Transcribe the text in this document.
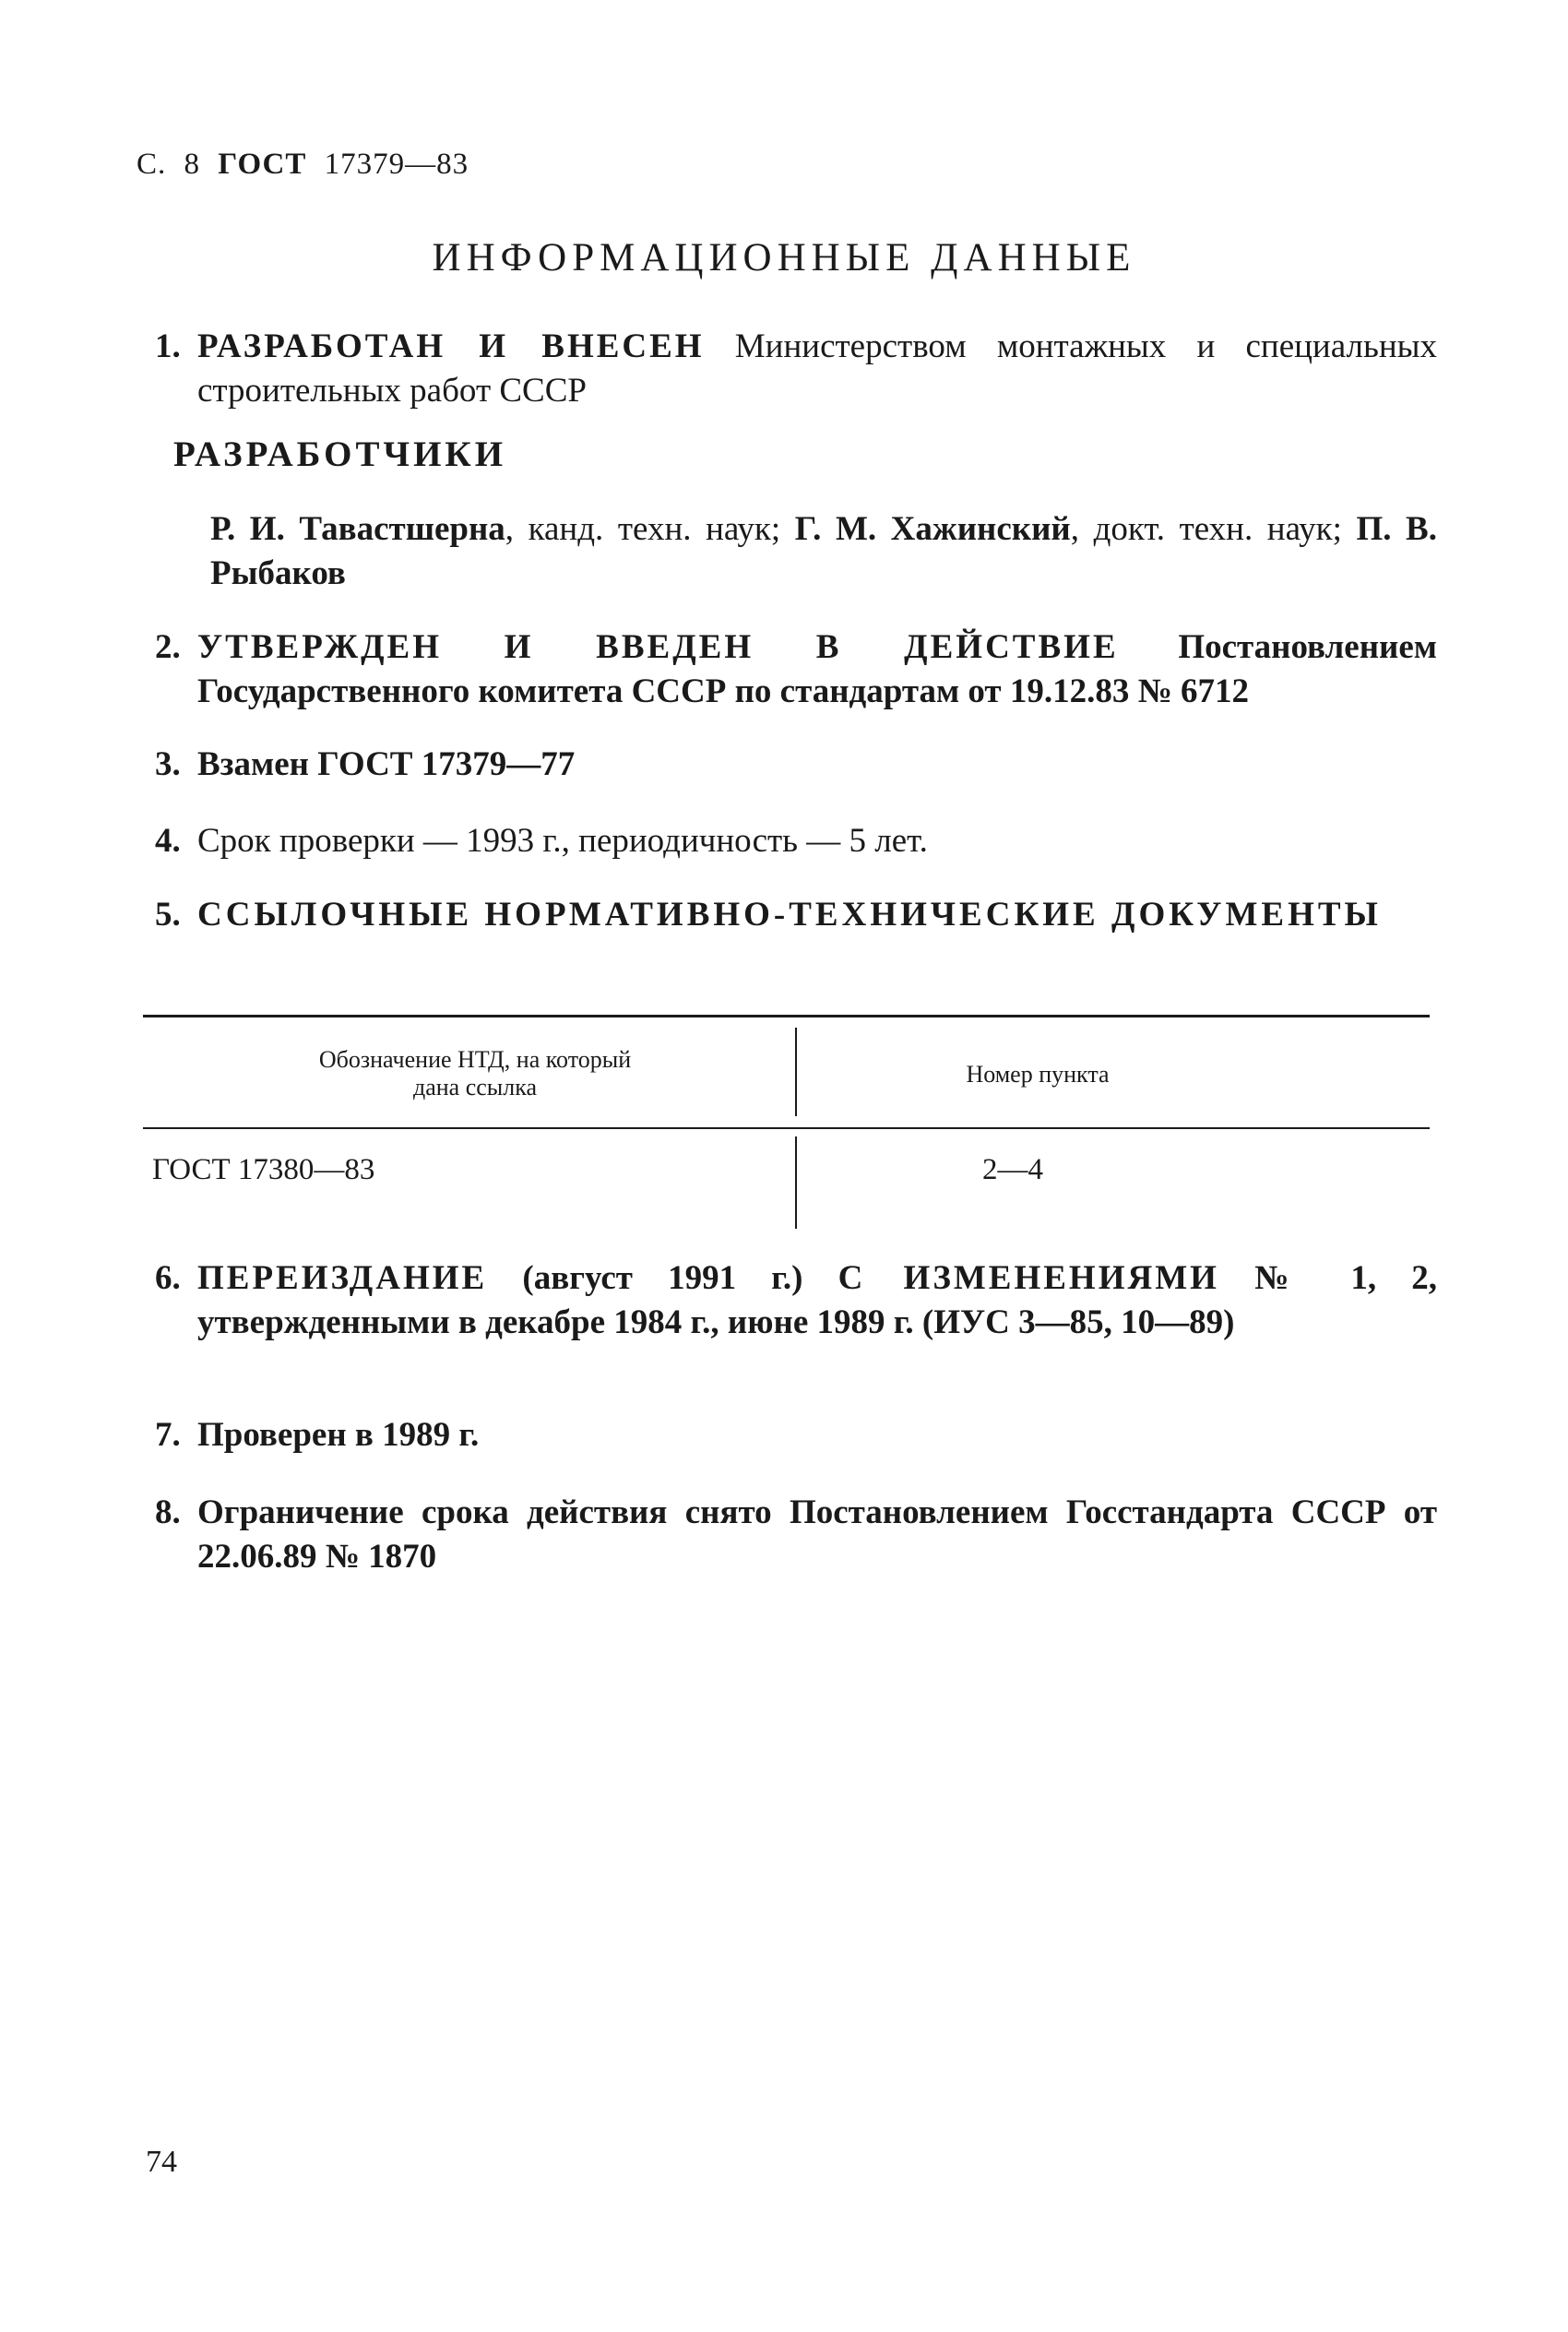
С. 8 ГОСТ 17379—83
ИНФОРМАЦИОННЫЕ ДАННЫЕ
1. РАЗРАБОТАН И ВНЕСЕН Министерством монтажных и специальных строительных работ СССР
РАЗРАБОТЧИКИ
Р. И. Тавастшерна, канд. техн. наук; Г. М. Хажинский, докт. техн. наук; П. В. Рыбаков
2. УТВЕРЖДЕН И ВВЕДЕН В ДЕЙСТВИЕ Постановлением Государственного комитета СССР по стандартам от 19.12.83 № 6712
3. Взамен ГОСТ 17379—77
4. Срок проверки — 1993 г., периодичность — 5 лет.
5. ССЫЛОЧНЫЕ НОРМАТИВНО-ТЕХНИЧЕСКИЕ ДОКУМЕНТЫ
Обозначение НТД, на который
дана ссылка	Номер пункта
ГОСТ 17380—83	2—4
6. ПЕРЕИЗДАНИЕ (август 1991 г.) С ИЗМЕНЕНИЯМИ № 1, 2, утвержденными в декабре 1984 г., июне 1989 г. (ИУС 3—85, 10—89)
7. Проверен в 1989 г.
8. Ограничение срока действия снято Постановлением Госстандарта СССР от 22.06.89 № 1870
74
